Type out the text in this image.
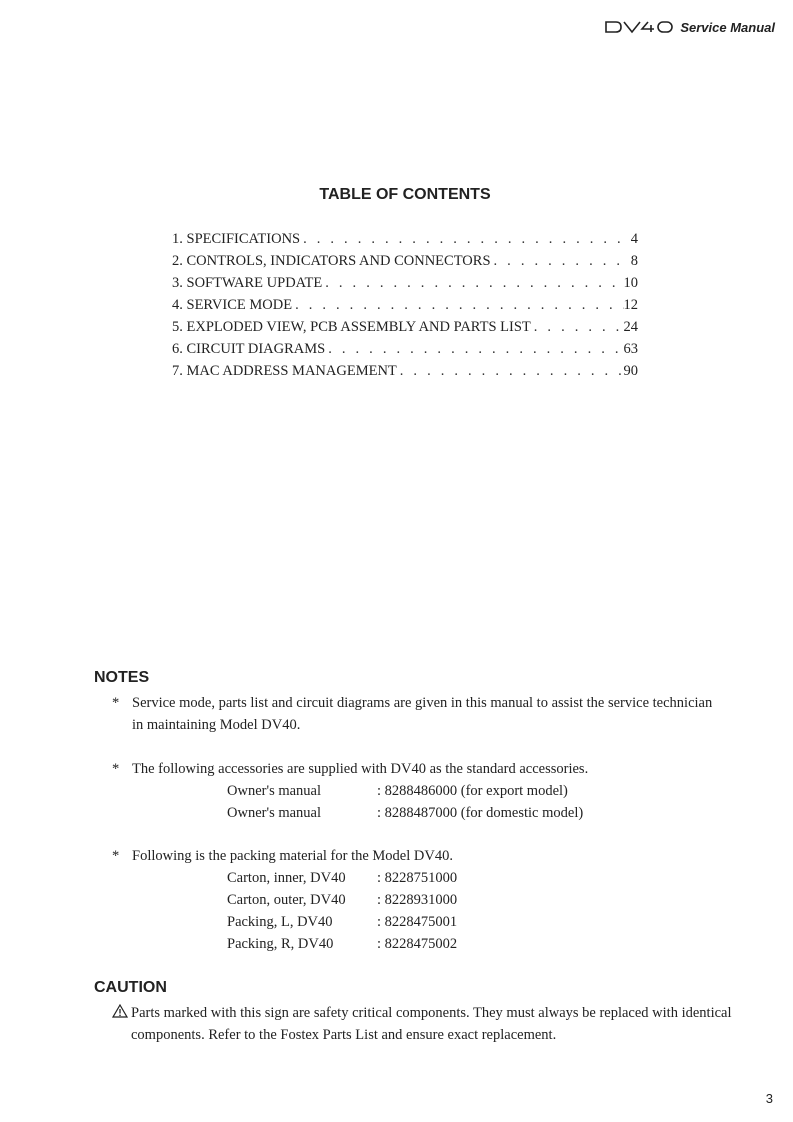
Service Manual
TABLE OF CONTENTS
1. SPECIFICATIONS . . .	4
2. CONTROLS, INDICATORS AND CONNECTORS . . .	8
3. SOFTWARE UPDATE . . .	10
4. SERVICE MODE . . .	12
5. EXPLODED VIEW, PCB ASSEMBLY AND PARTS LIST . . .	24
6. CIRCUIT DIAGRAMS . . .	63
7. MAC ADDRESS MANAGEMENT . . .	90
NOTES
* Service mode, parts list and circuit diagrams are given in this manual to assist the service technician
in maintaining Model DV40.
* The following accessories are supplied with DV40 as the standard accessories.
Owner's manual	: 8288486000 (for export model)
Owner's manual	: 8288487000 (for domestic model)
* Following is the packing material for the Model DV40.
Carton, inner, DV40	: 8228751000
Carton, outer, DV40	: 8228931000
Packing, L, DV40	: 8228475001
Packing, R, DV40	: 8228475002
CAUTION
Parts marked with this sign are safety critical components. They must always be replaced with identical
components. Refer to the Fostex Parts List and ensure exact replacement.
3
